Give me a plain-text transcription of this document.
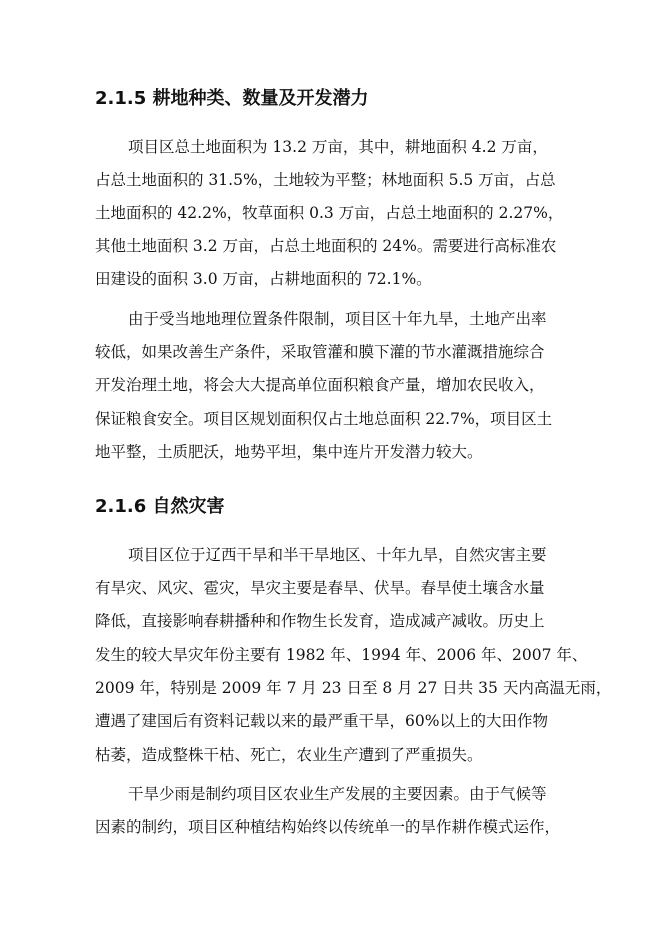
2.1.5 耕地种类、数量及开发潜力

项目区总土地面积为 13.2 万亩，其中，耕地面积 4.2 万亩，

占总土地面积的 31.5%，土地较为平整；林地面积 5.5 万亩，占总

土地面积的 42.2%，牧草面积 0.3 万亩，占总土地面积的 2.27%，

其他土地面积 3.2 万亩，占总土地面积的 24%。需要进行高标准农

田建设的面积 3.0 万亩，占耕地面积的 72.1%。

由于受当地地理位置条件限制，项目区十年九旱，土地产出率

较低，如果改善生产条件，采取管灌和膜下灌的节水灌溉措施综合

开发治理土地，将会大大提高单位面积粮食产量，增加农民收入，

保证粮食安全。项目区规划面积仅占土地总面积 22.7%，项目区土

地平整，土质肥沃，地势平坦，集中连片开发潜力较大。

2.1.6 自然灾害

项目区位于辽西干旱和半干旱地区、十年九旱，自然灾害主要

有旱灾、风灾、雹灾，旱灾主要是春旱、伏旱。春旱使土壤含水量

降低，直接影响春耕播种和作物生长发育，造成减产减收。历史上

发生的较大旱灾年份主要有 1982 年、1994 年、2006 年、2007 年、

2009 年，特别是 2009 年 7 月 23 日至 8 月 27 日共 35 天内高温无雨，

遭遇了建国后有资料记载以来的最严重干旱，60%以上的大田作物

枯萎，造成整株干枯、死亡，农业生产遭到了严重损失。

干旱少雨是制约项目区农业生产发展的主要因素。由于气候等

因素的制约，项目区种植结构始终以传统单一的旱作耕作模式运作，
